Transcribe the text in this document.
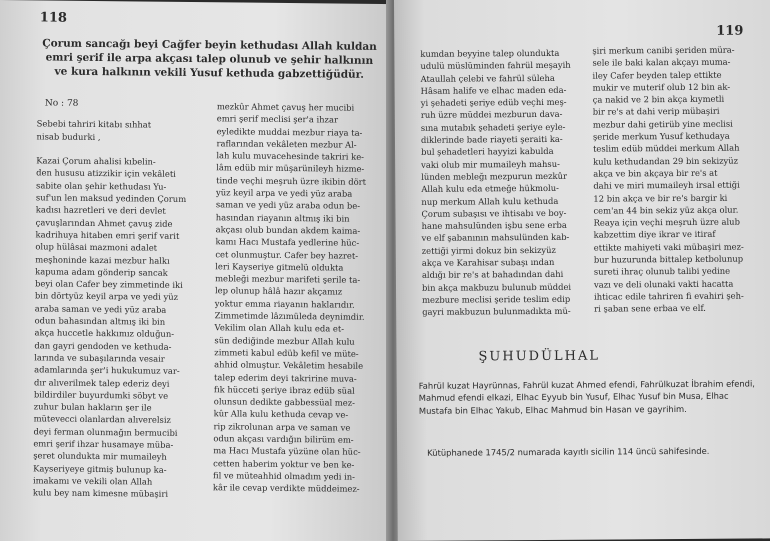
118
Çorum sancağı beyi Cağfer beyin kethudası Allah kuldan emri şerif ile arpa akçası talep olunub ve şehir halkının ve kura halkının vekili Yusuf kethuda gabzettiğüdür.

No : 78

Sebebi tahriri kitabı sıhhat

nisab budurki ,

Kazai Çorum ahalisi kıbelin-

den hususu atizzikir için vekâleti

sabite olan şehir kethudası Yu-

suf'un len maksud yedinden Çorum

kadısı hazretleri ve deri devlet

çavuşlarından Ahmet çavuş zide

kadrihuya hitaben emri şerif varit

olup hülâsai mazmoni adalet

meşhoninde kazai mezbur halkı

kapuma adam gönderip sancak

beyi olan Cafer bey zimmetinde iki

bin dörtyüz keyil arpa ve yedi yüz

araba saman ve yedi yüz araba

odun bahasından altmış iki bin

akça huccetle hakkımız olduğun-

dan gayri gendoden ve kethuda-

larında ve subaşılarında vesair

adamlarında şer'i hukukumuz var-

dır alıverilmek talep ederiz deyi

bildirdiler buyurdumki söbyt ve

zuhur bulan hakların şer ile

mütevecci olanlardan alıverelsiz

deyi ferman olunmağın bermucibi

emri şerif ihzar husamaye müba-

şeret olundukta mir mumaileyh

Kayseriyeye gitmiş bulunup ka-

imakamı ve vekili olan Allah

kulu bey nam kimesne mübaşiri

mezkûr Ahmet çavuş her mucibi

emri şerif meclisi şer'a ihzar

eyledikte muddai mezbur riaya ta-

raflarından vekâleten mezbur Al-

lah kulu muvacehesinde takriri ke-

lâm edüb mir müşarünileyh hizme-

tinde veçhi meşruh üzre ikibin dört

yüz keyil arpa ve yedi yüz araba

saman ve yedi yüz araba odun be-

hasından riayanın altmış iki bin

akçası olub bundan akdem kaima-

kamı Hacı Mustafa yedlerine hüc-

cet olunmuştur. Cafer bey hazret-

leri Kayseriye gitmelü oldukta

mebleği mezbur marifeti şerile ta-

lep olunup hâlâ hazır akçamız

yoktur emma riayanın haklarıdır.

Zimmetimde lâzımüleda deynimdir.

Vekilim olan Allah kulu eda et-

sün dediğinde mezbur Allah kulu

zimmeti kabul edüb kefil ve müte-

ahhid olmuştur. Vekâletim hesabile

talep ederim deyi takririne muva-

fık hücceti şeriye ibraz edüb süal

olunsun dedikte gabbessüal mez-

kûr Alla kulu kethuda cevap ve-

rip zikrolunan arpa ve saman ve

odun akçası vardığın bilirüm em-

ma Hacı Mustafa yüzüne olan hüc-

cetten haberim yoktur ve ben ke-

fil ve müteahhid olmadım yedi in-

kâr ile cevap verdikte müddeimez-

119

kumdan beyyine talep olundukta

udulü müslüminden fahrül meşayih

Ataullah çelebi ve fahrül süleha

Hâsam halife ve elhac maden eda-

yi şehadeti şeriye edüb veçhi meş-

ruh üzre müddei mezburun dava-

sına mutabık şehadeti şeriye eyle-

diklerinde bade riayeti şeraiti ka-

bul şehadetleri hayyizi kabulda

vaki olub mir mumaileyh mahsu-

lünden mebleğı mezpurun mezkûr

Allah kulu eda etmeğe hükmolu-

nup merkum Allah kulu kethuda

Çorum subaşısı ve ihtisabı ve boy-

hane mahsulünden işbu sene erba

ve elf şabanının mahsulünden kab-

zettiği yirmi dokuz bin sekizyüz

akça ve Karahisar subaşı ından

aldığı bir re's at bahadından dahi

bin akça makbuzu bulunub müddei

mezbure meclisi şeride teslim edip

gayri makbuzun bulunmadıkta mü-

şiri merkum canibi şeriden müra-

sele ile baki kalan akçayı muma-

iley Cafer beyden talep ettikte

mukir ve muterif olub 12 bin ak-

ça nakid ve 2 bin akça kıymetli

bir re's at dahi verip mübaşiri

mezbur dahi getirüb yine meclisi

şeride merkum Yusuf kethudaya

teslim edüb müddei merkum Allah

kulu kethudandan 29 bin sekizyüz

akça ve bin akçaya bir re's at

dahi ve miri mumaileyh irsal ettiği

12 bin akça ve bir re's bargir ki

cem'an 44 bin sekiz yüz akça olur.

Reaya için veçhi meşruh üzre alub

kabzettim diye ikrar ve itiraf

ettikte mahiyeti vaki mübaşiri mez-

bur huzurunda bittalep ketbolunup

sureti ihraç olunub talibi yedine

vazı ve deli olunaki vakti hacatta

ihticac edile tahriren fi evahiri şeh-

ri şaban sene erbaa ve elf.

ŞUHUDÜLHAL

Fahrül kuzat Hayrünnas, Fahrül kuzat Ahmed efendi, Fahrülkuzat İbrahim efendi, Mahmud efendi elkazi, Elhac Eyyub bin Yusuf, Elhac Yusuf bin Musa, Elhac Mustafa bin Elhac Yakub, Elhac Mahmud bin Hasan ve gayrihim.

Kütüphanede 1745/2 numarada kayıtlı sicilin 114 üncü sahifesinde.
